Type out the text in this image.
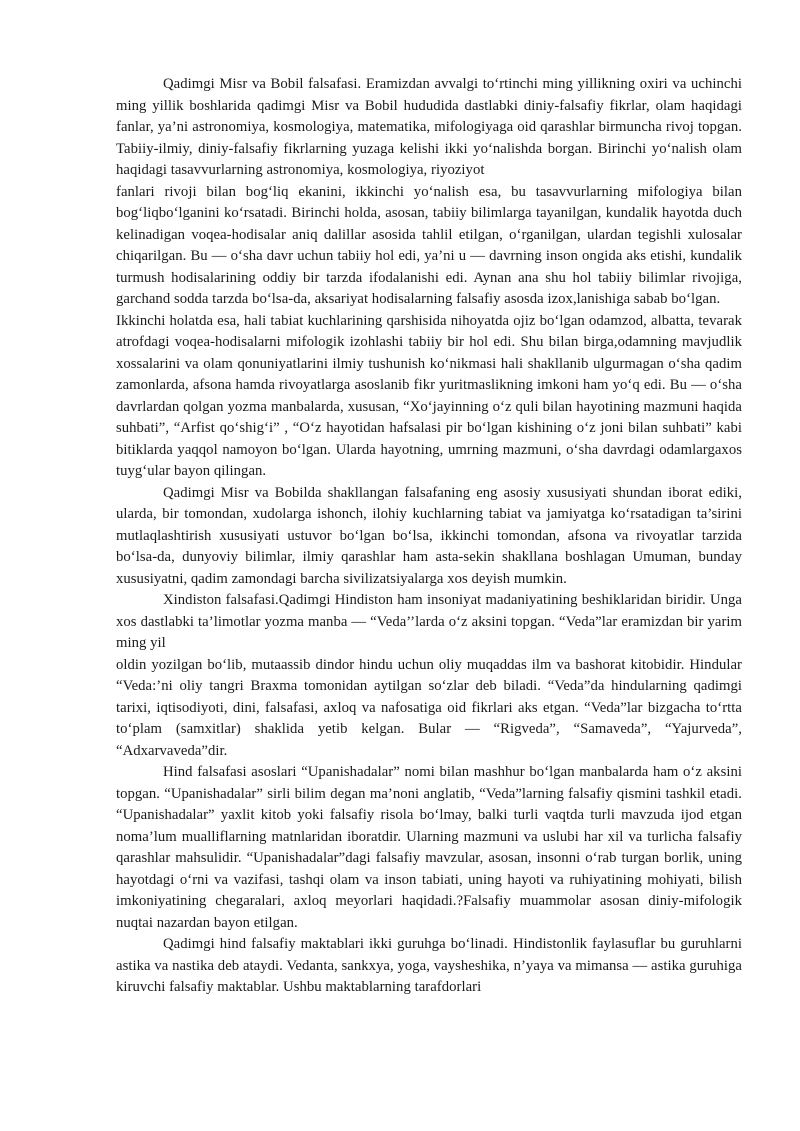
Qadimgi Misr va Bobil falsafasi. Eramizdan avvalgi to‘rtinchi ming yillikning oxiri va uchinchi ming yillik boshlarida qadimgi Misr va Bobil hududida dastlabki diniy-falsafiy fikrlar, olam haqidagi fanlar, ya’ni astronomiya, kosmologiya, matematika, mifologiyaga oid qarashlar birmuncha rivoj topgan. Tabiiy-ilmiy, diniy-falsafiy fikrlarning yuzaga kelishi ikki yo‘nalishda borgan. Birinchi yo‘nalish olam haqidagi tasavvurlarning astronomiya, kosmologiya, riyoziyot

fanlari rivoji bilan bog‘liq ekanini, ikkinchi yo‘nalish esa, bu tasavvurlarning mifologiya bilan bog‘liqbo‘lganini ko‘rsatadi. Birinchi holda, asosan, tabiiy bilimlarga tayanilgan, kundalik hayotda duch kelinadigan voqea-hodisalar aniq dalillar asosida tahlil etilgan, o‘rganilgan, ulardan tegishli xulosalar chiqarilgan. Bu — o‘sha davr uchun tabiiy hol edi, ya’ni u — davrning inson ongida aks etishi, kundalik turmush hodisalarining oddiy bir tarzda ifodalanishi edi. Aynan ana shu hol tabiiy bilimlar rivojiga, garchand sodda tarzda bo‘lsa-da, aksariyat hodisalarning falsafiy asosda izox,lanishiga sabab bo‘lgan.

Ikkinchi holatda esa, hali tabiat kuchlarining qarshisida nihoyatda ojiz bo‘lgan odamzod, albatta, tevarak atrofdagi voqea-hodisalarni mifologik izohlashi tabiiy bir hol edi. Shu bilan birga,odamning mavjudlik xossalarini va olam qonuniyatlarini ilmiy tushunish ko‘nikmasi hali shakllanib ulgurmagan o‘sha qadim zamonlarda, afsona hamda rivoyatlarga asoslanib fikr yuritmaslikning imkoni ham yo‘q edi. Bu — o‘sha davrlardan qolgan yozma manbalarda, xususan, “Xo‘jayinning o‘z quli bilan hayotining mazmuni haqida suhbati”, “Arfist qo‘shig‘i” , “O‘z hayotidan hafsalasi pir bo‘lgan kishining o‘z joni bilan suhbati” kabi bitiklarda yaqqol namoyon bo‘lgan. Ularda hayotning, umrning mazmuni, o‘sha davrdagi odamlargaxos tuyg‘ular bayon qilingan.

Qadimgi Misr va Bobilda shakllangan falsafaning eng asosiy xususiyati shundan iborat ediki, ularda, bir tomondan, xudolarga ishonch, ilohiy kuchlarning tabiat va jamiyatga ko‘rsatadigan ta’sirini mutlaqlashtirish xususiyati ustuvor bo‘lgan bo‘lsa, ikkinchi tomondan, afsona va rivoyatlar tarzida bo‘lsa-da, dunyoviy bilimlar, ilmiy qarashlar ham asta-sekin shakllana boshlagan Umuman, bunday xususiyatni, qadim zamondagi barcha sivilizatsiyalarga xos deyish mumkin.

Xindiston falsafasi.Qadimgi Hindiston ham insoniyat madaniyatining beshiklaridan biridir. Unga xos dastlabki ta’limotlar yozma manba — “Veda’’larda o‘z aksini topgan. “Veda”lar eramizdan bir yarim ming yil

oldin yozilgan bo‘lib, mutaassib dindor hindu uchun oliy muqaddas ilm va bashorat kitobidir. Hindular “Veda:’ni oliy tangri Braxma tomonidan aytilgan so‘zlar deb biladi. “Veda”da hindularning qadimgi tarixi, iqtisodiyoti, dini, falsafasi, axloq va nafosatiga oid fikrlari aks etgan. “Veda”lar bizgacha to‘rtta to‘plam (samxitlar) shaklida yetib kelgan. Bular — “Rigveda”, “Samaveda”, “Yajurveda”, “Adxarvaveda”dir.

Hind falsafasi asoslari “Upanishadalar” nomi bilan mashhur bo‘lgan manbalarda ham o‘z aksini topgan. “Upanishadalar” sirli bilim degan ma’noni anglatib, “Veda”larning falsafiy qismini tashkil etadi. “Upanishadalar” yaxlit kitob yoki falsafiy risola bo‘lmay, balki turli vaqtda turli mavzuda ijod etgan noma’lum mualliflarning matnlaridan iboratdir. Ularning mazmuni va uslubi har xil va turlicha falsafiy qarashlar mahsulidir. “Upanishadalar”dagi falsafiy mavzular, asosan, insonni o‘rab turgan borlik, uning hayotdagi o‘rni va vazifasi, tashqi olam va inson tabiati, uning hayoti va ruhiyatining mohiyati, bilish imkoniyatining chegaralari, axloq meyorlari haqidadi.?Falsafiy muammolar asosan diniy-mifologik nuqtai nazardan bayon etilgan.

Qadimgi hind falsafiy maktablari ikki guruhga bo‘linadi. Hindistonlik faylasuflar bu guruhlarni astika va nastika deb ataydi. Vedanta, sankxya, yoga, vaysheshika, n’yaya va mimansa — astika guruhiga kiruvchi falsafiy maktablar. Ushbu maktablarning tarafdorlari
